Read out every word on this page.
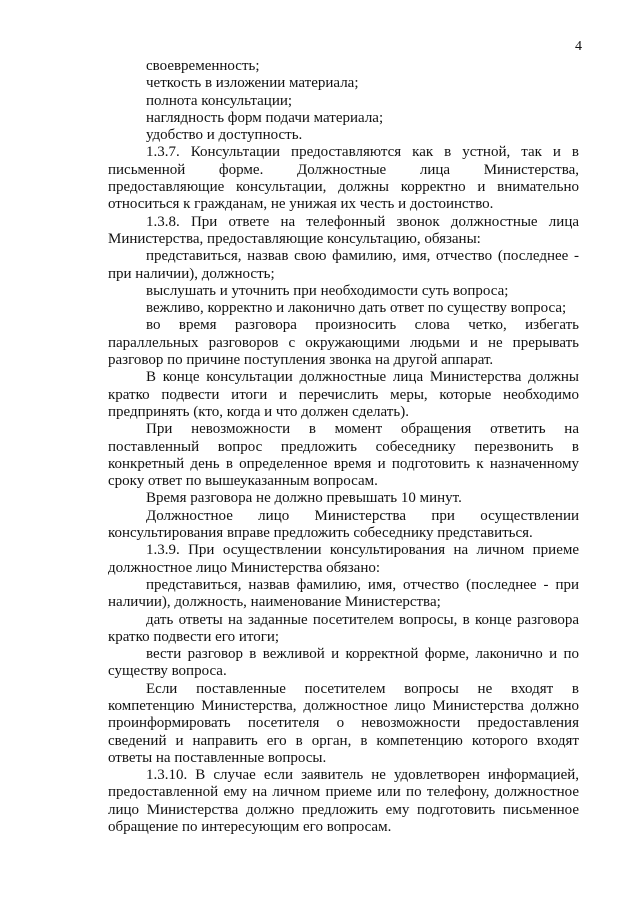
4

своевременность;

четкость в изложении материала;

полнота консультации;

наглядность форм подачи материала;

удобство и доступность.

1.3.7. Консультации предоставляются как в устной, так и в письменной форме. Должностные лица Министерства, предоставляющие консультации, должны корректно и внимательно относиться к гражданам, не унижая их честь и достоинство.

1.3.8. При ответе на телефонный звонок должностные лица Министерства, предоставляющие консультацию, обязаны:

представиться, назвав свою фамилию, имя, отчество (последнее - при наличии), должность;

выслушать и уточнить при необходимости суть вопроса;

вежливо, корректно и лаконично дать ответ по существу вопроса;

во время разговора произносить слова четко, избегать параллельных разговоров с окружающими людьми и не прерывать разговор по причине поступления звонка на другой аппарат.

В конце консультации должностные лица Министерства должны кратко подвести итоги и перечислить меры, которые необходимо предпринять (кто, когда и что должен сделать).

При невозможности в момент обращения ответить на поставленный вопрос предложить собеседнику перезвонить в конкретный день в определенное время и подготовить к назначенному сроку ответ по вышеуказанным вопросам.

Время разговора не должно превышать 10 минут.

Должностное лицо Министерства при осуществлении консультирования вправе предложить собеседнику представиться.

1.3.9. При осуществлении консультирования на личном приеме должностное лицо Министерства обязано:

представиться, назвав фамилию, имя, отчество (последнее - при наличии), должность, наименование Министерства;

дать ответы на заданные посетителем вопросы, в конце разговора кратко подвести его итоги;

вести разговор в вежливой и корректной форме, лаконично и по существу вопроса.

Если поставленные посетителем вопросы не входят в компетенцию Министерства, должностное лицо Министерства должно проинформировать посетителя о невозможности предоставления сведений и направить его в орган, в компетенцию которого входят ответы на поставленные вопросы.

1.3.10. В случае если заявитель не удовлетворен информацией, предоставленной ему на личном приеме или по телефону, должностное лицо Министерства должно предложить ему подготовить письменное обращение по интересующим его вопросам.
